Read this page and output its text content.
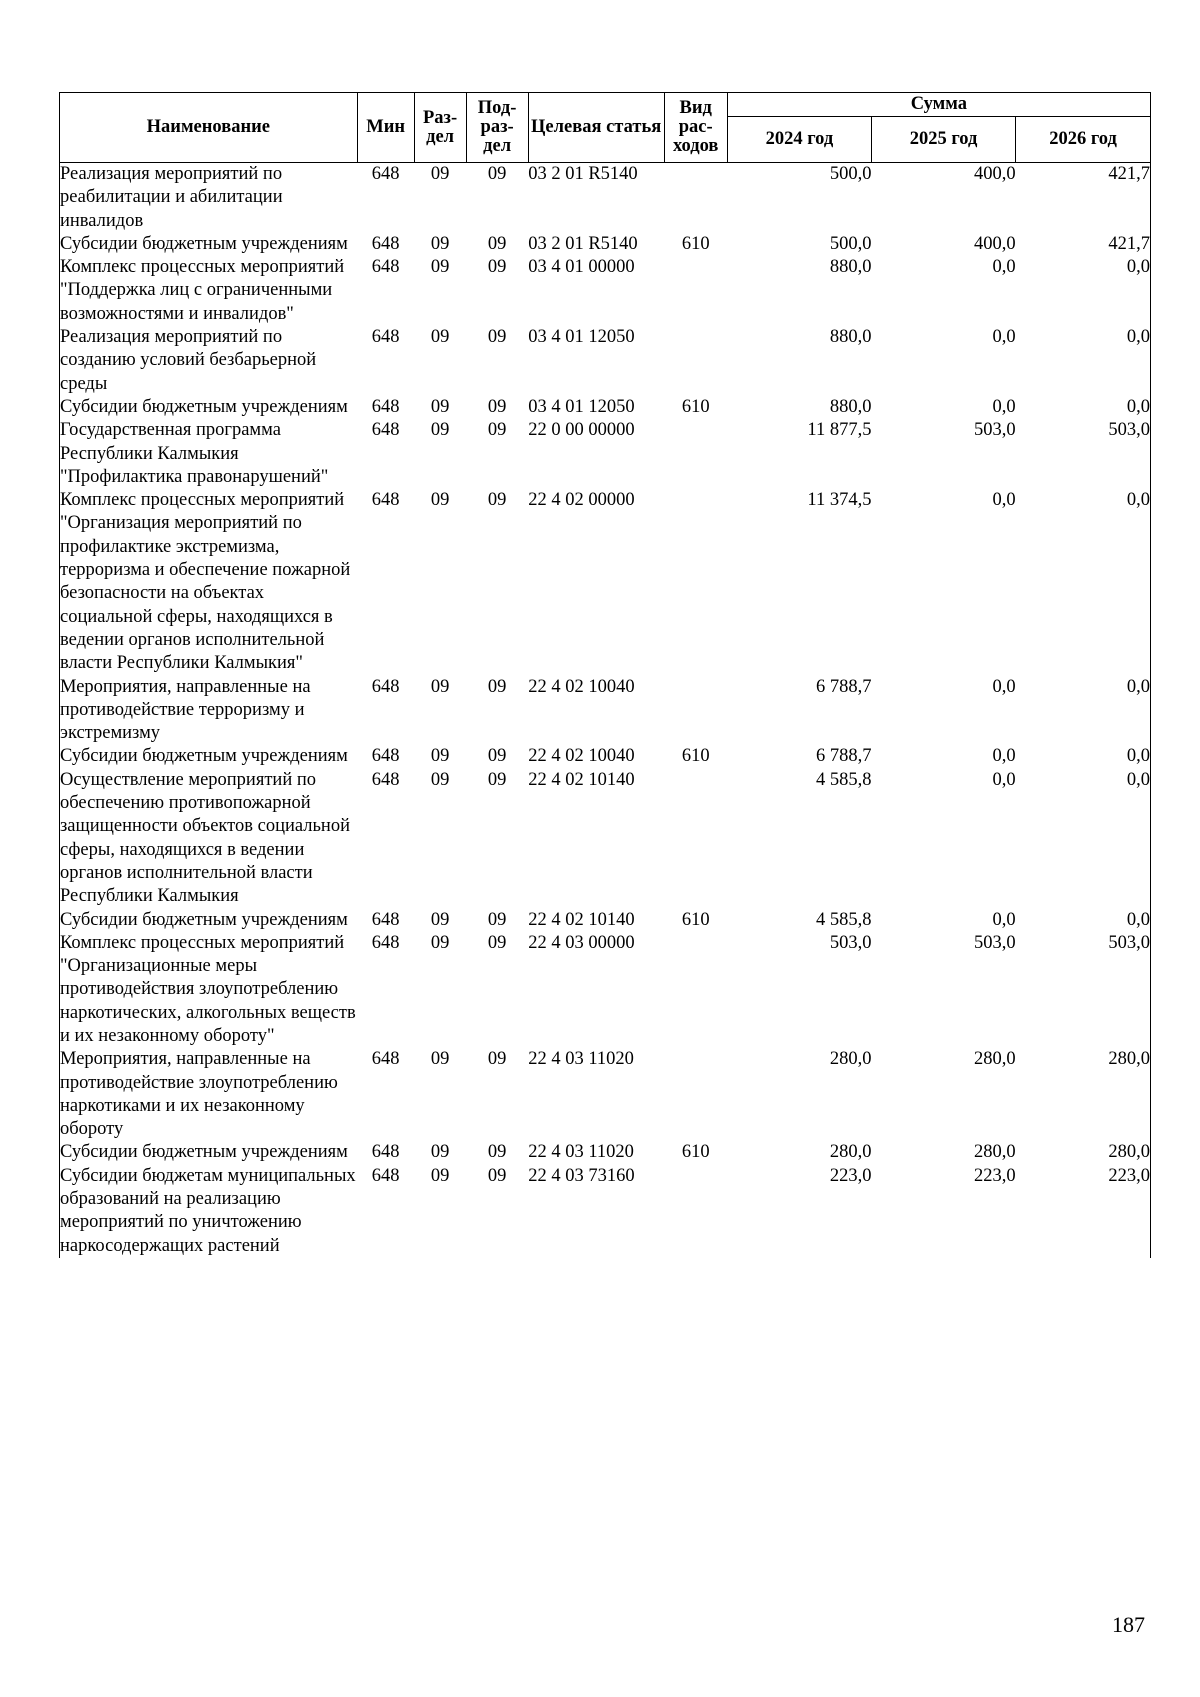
Наименование	Мин	Раз- дел	Под- раз- дел	Целевая статья	Вид рас- ходов	Сумма		
						2024 год	2025 год	2026 год
Реализация мероприятий по реабилитации и абилитации инвалидов	648	09	09	03 2 01 R5140		500,0	400,0	421,7
Субсидии бюджетным учреждениям	648	09	09	03 2 01 R5140	610	500,0	400,0	421,7
Комплекс процессных мероприятий "Поддержка лиц с ограниченными возможностями и инвалидов"	648	09	09	03 4 01 00000		880,0	0,0	0,0
Реализация мероприятий по созданию условий безбарьерной среды	648	09	09	03 4 01 12050		880,0	0,0	0,0
Субсидии бюджетным учреждениям	648	09	09	03 4 01 12050	610	880,0	0,0	0,0
Государственная программа Республики Калмыкия "Профилактика правонарушений"	648	09	09	22 0 00 00000		11 877,5	503,0	503,0
Комплекс процессных мероприятий "Организация мероприятий по профилактике экстремизма, терроризма и обеспечение пожарной безопасности на объектах социальной сферы, находящихся в ведении органов исполнительной власти Республики Калмыкия"	648	09	09	22 4 02 00000		11 374,5	0,0	0,0
Мероприятия, направленные на противодействие терроризму и экстремизму	648	09	09	22 4 02 10040		6 788,7	0,0	0,0
Субсидии бюджетным учреждениям	648	09	09	22 4 02 10040	610	6 788,7	0,0	0,0
Осуществление мероприятий по обеспечению противопожарной защищенности объектов социальной сферы, находящихся в ведении органов исполнительной власти Республики Калмыкия	648	09	09	22 4 02 10140		4 585,8	0,0	0,0
Субсидии бюджетным учреждениям	648	09	09	22 4 02 10140	610	4 585,8	0,0	0,0
Комплекс процессных мероприятий "Организационные меры противодействия злоупотреблению наркотических, алкогольных веществ и их незаконному обороту"	648	09	09	22 4 03 00000		503,0	503,0	503,0
Мероприятия, направленные на противодействие злоупотреблению наркотиками и их незаконному обороту	648	09	09	22 4 03 11020		280,0	280,0	280,0
Субсидии бюджетным учреждениям	648	09	09	22 4 03 11020	610	280,0	280,0	280,0
Субсидии бюджетам муниципальных образований на реализацию мероприятий по уничтожению наркосодержащих растений	648	09	09	22 4 03 73160		223,0	223,0	223,0
187
